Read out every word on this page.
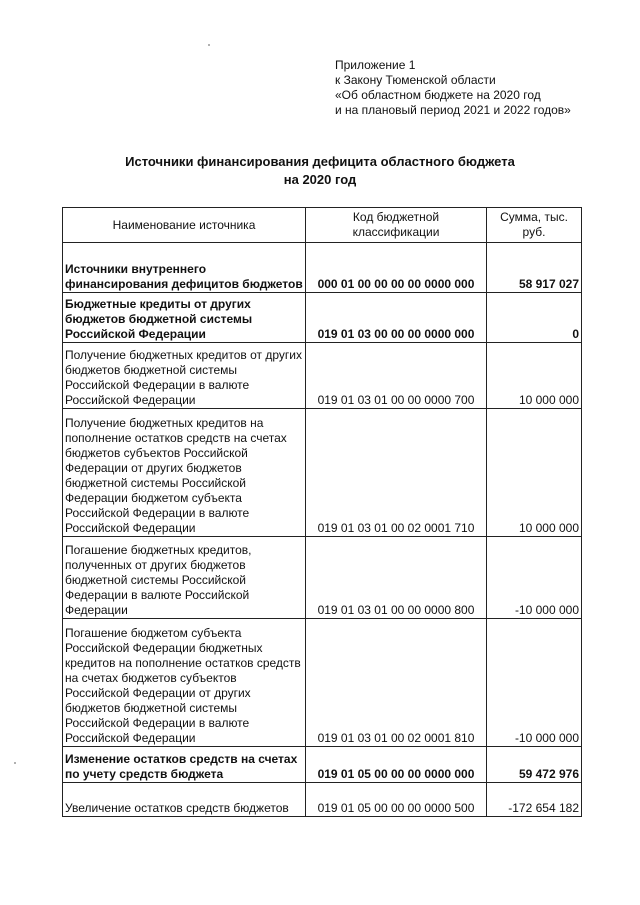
Приложение 1
к Закону Тюменской области
«Об областном бюджете на 2020 год
и на плановый период 2021 и 2022 годов»
Источники финансирования дефицита областного бюджета
на 2020 год
Наименование источника	Код бюджетной классификации	Сумма, тыс. руб.
Источники внутреннего финансирования дефицитов бюджетов	000 01 00 00 00 00 0000 000	58 917 027
Бюджетные кредиты от других бюджетов бюджетной системы Российской Федерации	019 01 03 00 00 00 0000 000	0
Получение бюджетных кредитов от других бюджетов бюджетной системы Российской Федерации в валюте Российской Федерации	019 01 03 01 00 00 0000 700	10 000 000
Получение бюджетных кредитов на пополнение остатков средств на счетах бюджетов субъектов Российской Федерации от других бюджетов бюджетной системы Российской Федерации бюджетом субъекта Российской Федерации в валюте Российской Федерации	019 01 03 01 00 02 0001 710	10 000 000
Погашение бюджетных кредитов, полученных от других бюджетов бюджетной системы Российской Федерации в валюте Российской Федерации	019 01 03 01 00 00 0000 800	-10 000 000
Погашение бюджетом субъекта Российской Федерации бюджетных кредитов на пополнение остатков средств на счетах бюджетов субъектов Российской Федерации от других бюджетов бюджетной системы Российской Федерации в валюте Российской Федерации	019 01 03 01 00 02 0001 810	-10 000 000
Изменение остатков средств на счетах по учету средств бюджета	019 01 05 00 00 00 0000 000	59 472 976
Увеличение остатков средств бюджетов	019 01 05 00 00 00 0000 500	-172 654 182
